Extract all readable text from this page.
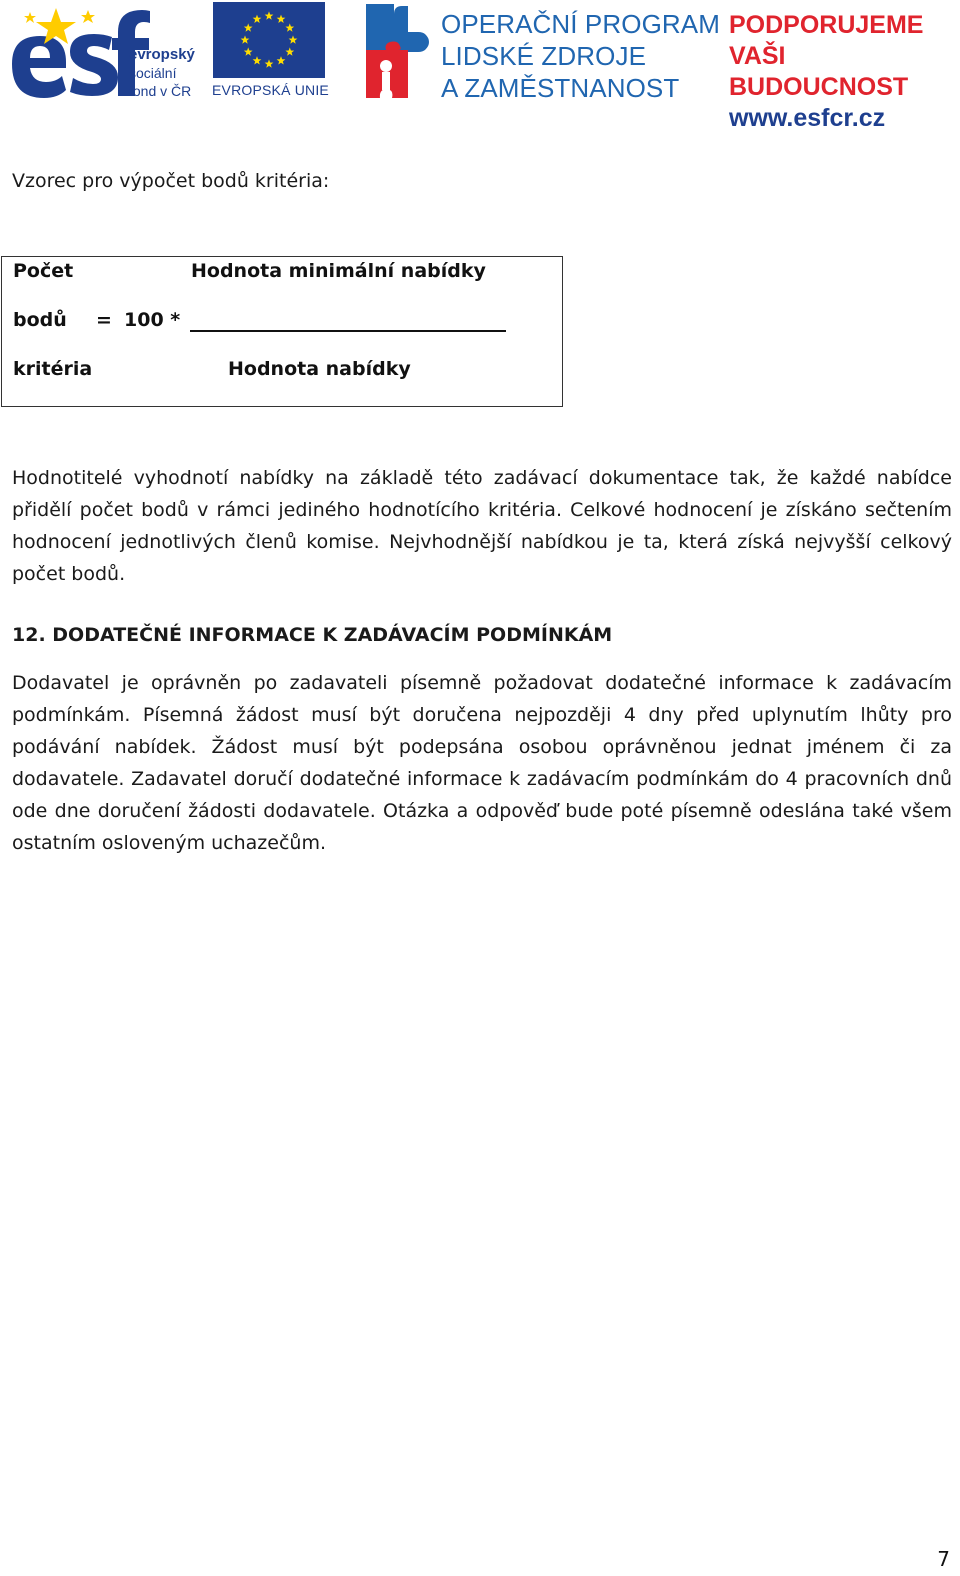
evropský
sociální
fond v ČR EVROPSKÁ UNIE
OPERAČNÍ PROGRAM
LIDSKÉ ZDROJE
A ZAMĚSTNANOST
PODPORUJEME
VAŠI BUDOUCNOST
www.esfcr.cz
Vzorec pro výpočet bodů kritéria:
Počet	Hodnota minimální nabídky
bodů = 100 *
kritéria	Hodnota nabídky

Hodnotitelé vyhodnotí nabídky na základě této zadávací dokumentace tak, že každé nabídce přidělí počet bodů v rámci jediného hodnotícího kritéria. Celkové hodnocení je získáno sečtením hodnocení jednotlivých členů komise. Nejvhodnější nabídkou je ta, která získá nejvyšší celkový počet bodů.

12. DODATEČNÉ INFORMACE K ZADÁVACÍM PODMÍNKÁM

Dodavatel je oprávněn po zadavateli písemně požadovat dodatečné informace k zadávacím podmínkám. Písemná žádost musí být doručena nejpozději 4 dny před uplynutím lhůty pro podávání nabídek. Žádost musí být podepsána osobou oprávněnou jednat jménem či za dodavatele. Zadavatel doručí dodatečné informace k zadávacím podmínkám do 4 pracovních dnů ode dne doručení žádosti dodavatele. Otázka a odpověď bude poté písemně odeslána také všem ostatním osloveným uchazečům.

7
